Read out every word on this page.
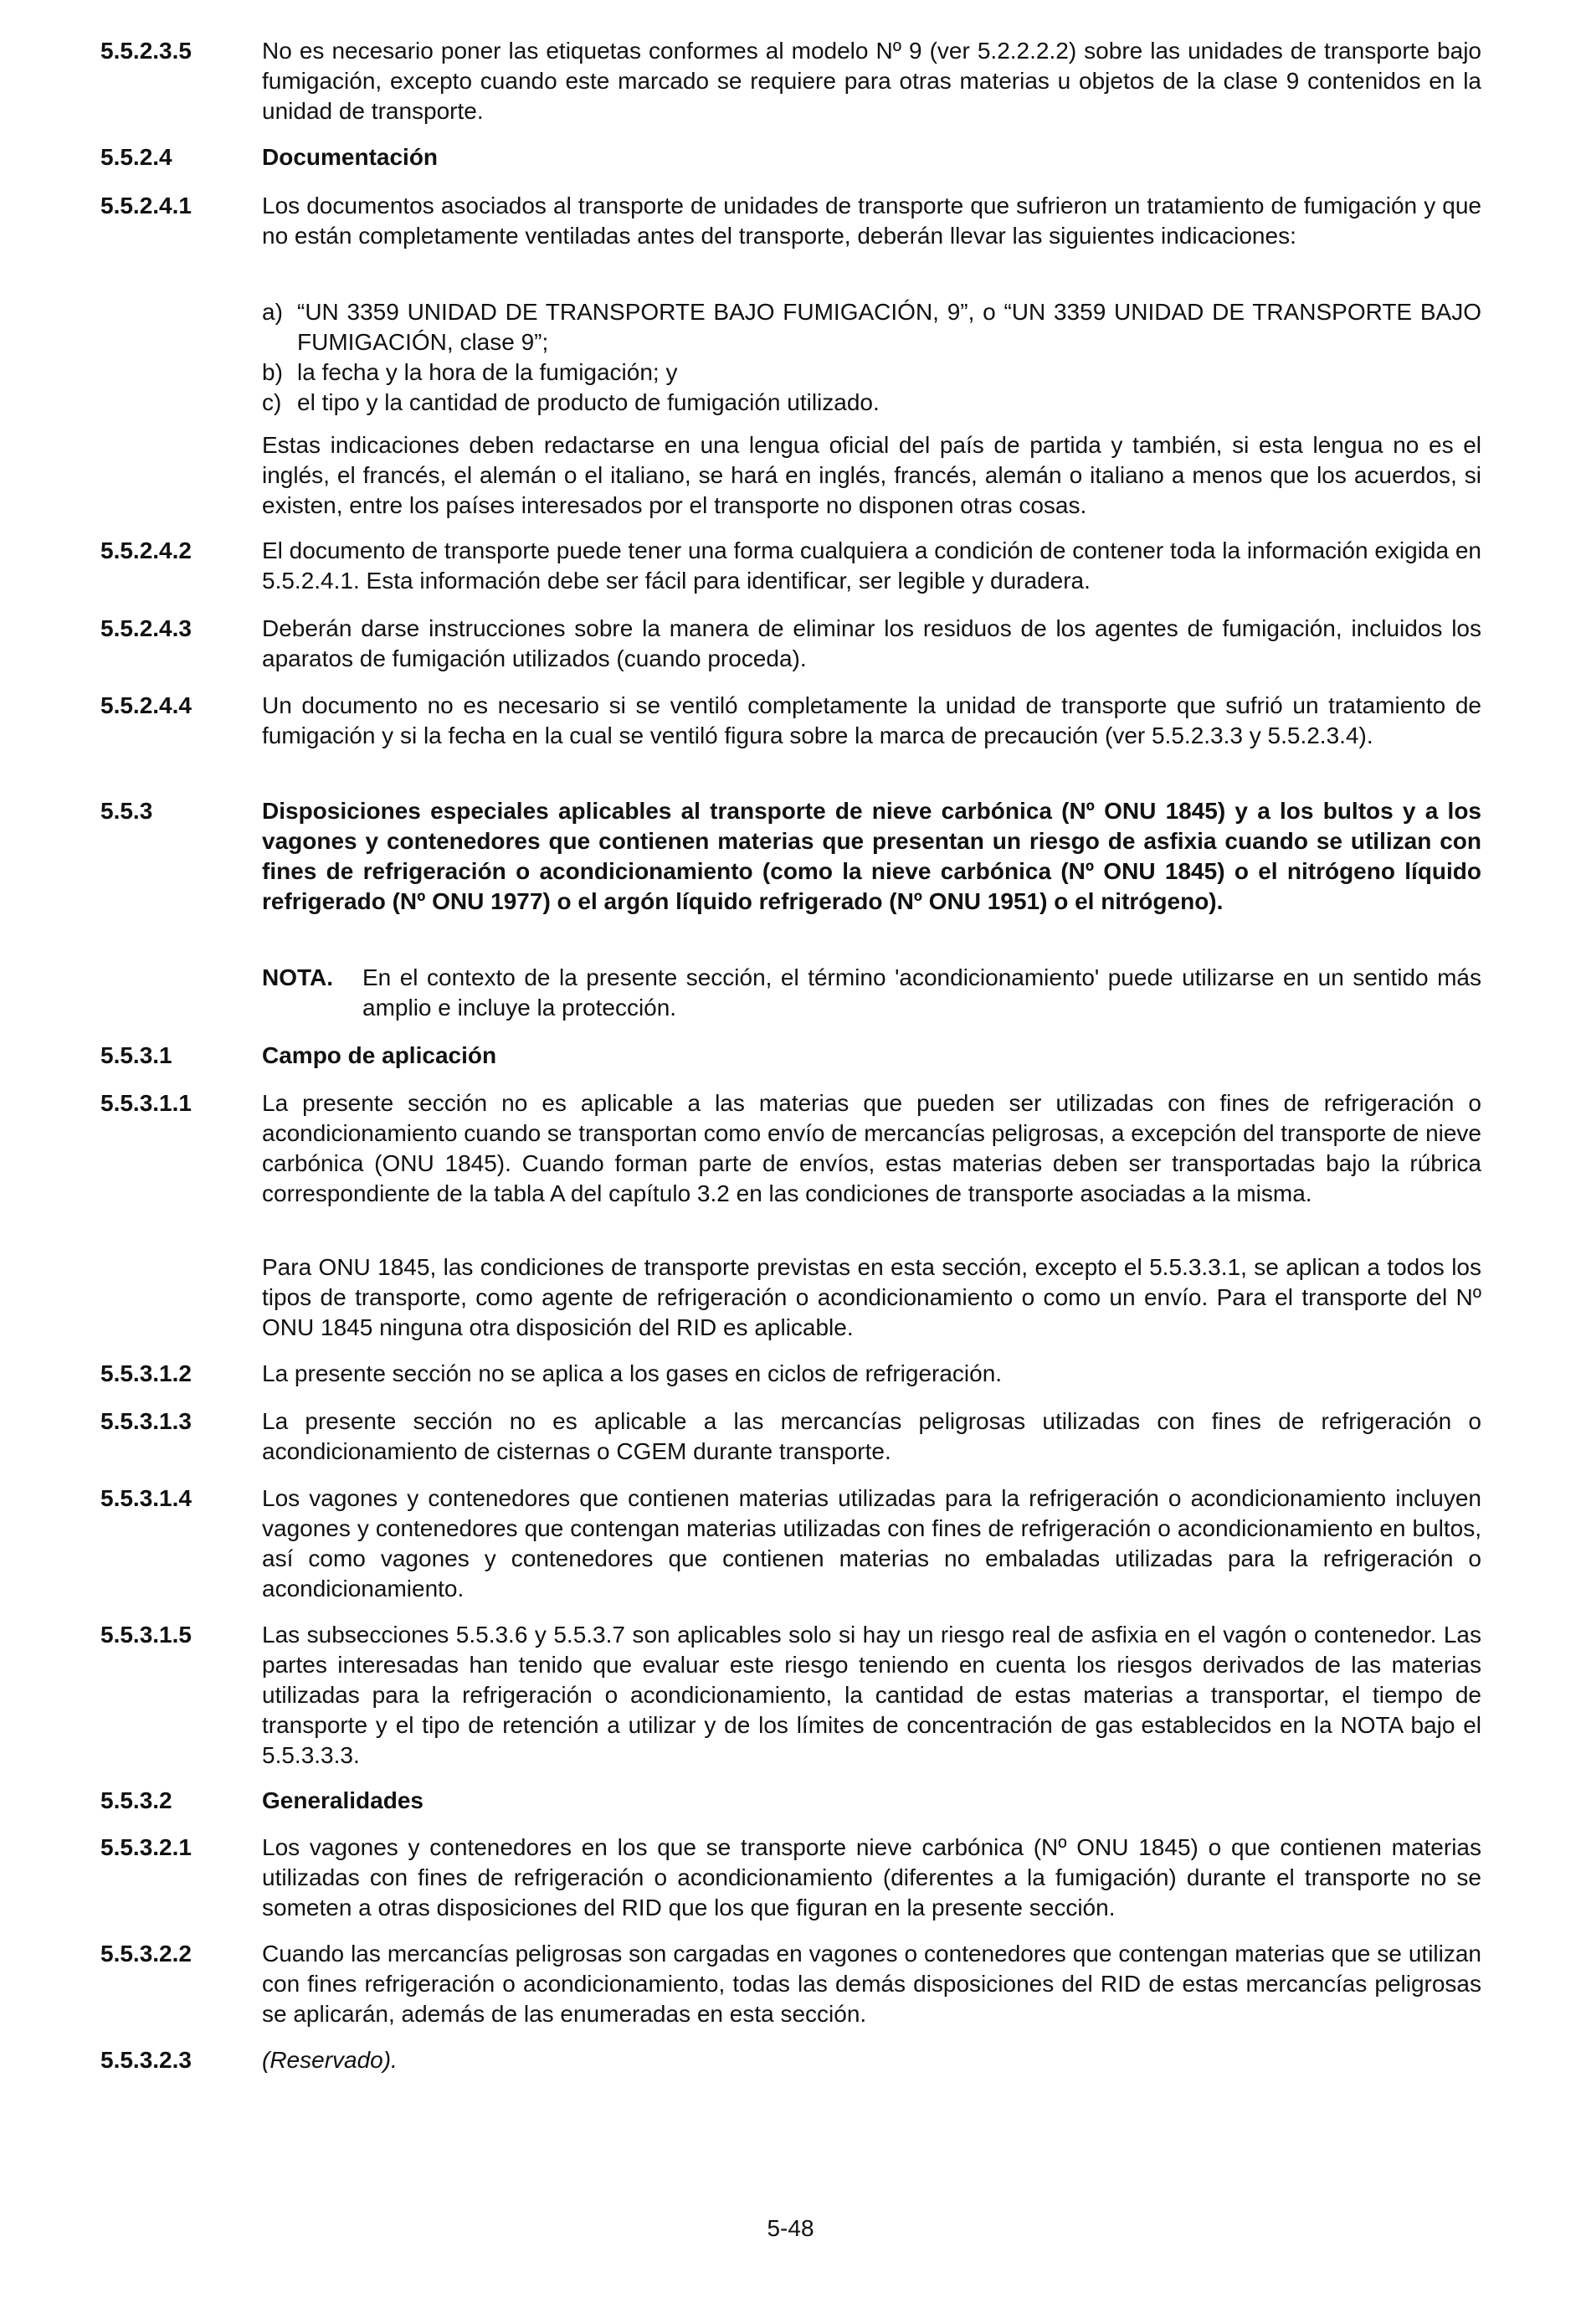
5.5.2.3.5	No es necesario poner las etiquetas conformes al modelo Nº 9 (ver 5.2.2.2.2) sobre las unidades de transporte bajo fumigación, excepto cuando este marcado se requiere para otras materias u objetos de la clase 9 contenidos en la unidad de transporte.
5.5.2.4	Documentación
5.5.2.4.1	Los documentos asociados al transporte de unidades de transporte que sufrieron un tratamiento de fumigación y que no están completamente ventiladas antes del transporte, deberán llevar las siguientes indicaciones:
a) “UN 3359 UNIDAD DE TRANSPORTE BAJO FUMIGACIÓN, 9”, o “UN 3359 UNIDAD DE TRANSPORTE BAJO FUMIGACIÓN, clase 9”;
b) la fecha y la hora de la fumigación; y
c) el tipo y la cantidad de producto de fumigación utilizado.
Estas indicaciones deben redactarse en una lengua oficial del país de partida y también, si esta lengua no es el inglés, el francés, el alemán o el italiano, se hará en inglés, francés, alemán o italiano a menos que los acuerdos, si existen, entre los países interesados por el transporte no disponen otras cosas.
5.5.2.4.2	El documento de transporte puede tener una forma cualquiera a condición de contener toda la información exigida en 5.5.2.4.1. Esta información debe ser fácil para identificar, ser legible y duradera.
5.5.2.4.3	Deberán darse instrucciones sobre la manera de eliminar los residuos de los agentes de fumigación, incluidos los aparatos de fumigación utilizados (cuando proceda).
5.5.2.4.4	Un documento no es necesario si se ventiló completamente la unidad de transporte que sufrió un tratamiento de fumigación y si la fecha en la cual se ventiló figura sobre la marca de precaución (ver 5.5.2.3.3 y 5.5.2.3.4).
5.5.3	Disposiciones especiales aplicables al transporte de nieve carbónica (Nº ONU 1845) y a los bultos y a los vagones y contenedores que contienen materias que presentan un riesgo de asfixia cuando se utilizan con fines de refrigeración o acondicionamiento (como la nieve carbónica (Nº ONU 1845) o el nitrógeno líquido refrigerado (Nº ONU 1977) o el argón líquido refrigerado (Nº ONU 1951) o el nitrógeno).
NOTA. En el contexto de la presente sección, el término 'acondicionamiento' puede utilizarse en un sentido más amplio e incluye la protección.
5.5.3.1	Campo de aplicación
5.5.3.1.1	La presente sección no es aplicable a las materias que pueden ser utilizadas con fines de refrigeración o acondicionamiento cuando se transportan como envío de mercancías peligrosas, a excepción del transporte de nieve carbónica (ONU 1845). Cuando forman parte de envíos, estas materias deben ser transportadas bajo la rúbrica correspondiente de la tabla A del capítulo 3.2 en las condiciones de transporte asociadas a la misma.
Para ONU 1845, las condiciones de transporte previstas en esta sección, excepto el 5.5.3.3.1, se aplican a todos los tipos de transporte, como agente de refrigeración o acondicionamiento o como un envío. Para el transporte del Nº ONU 1845 ninguna otra disposición del RID es aplicable.
5.5.3.1.2	La presente sección no se aplica a los gases en ciclos de refrigeración.
5.5.3.1.3	La presente sección no es aplicable a las mercancías peligrosas utilizadas con fines de refrigeración o acondicionamiento de cisternas o CGEM durante transporte.
5.5.3.1.4	Los vagones y contenedores que contienen materias utilizadas para la refrigeración o acondicionamiento incluyen vagones y contenedores que contengan materias utilizadas con fines de refrigeración o acondicionamiento en bultos, así como vagones y contenedores que contienen materias no embaladas utilizadas para la refrigeración o acondicionamiento.
5.5.3.1.5	Las subsecciones 5.5.3.6 y 5.5.3.7 son aplicables solo si hay un riesgo real de asfixia en el vagón o contenedor. Las partes interesadas han tenido que evaluar este riesgo teniendo en cuenta los riesgos derivados de las materias utilizadas para la refrigeración o acondicionamiento, la cantidad de estas materias a transportar, el tiempo de transporte y el tipo de retención a utilizar y de los límites de concentración de gas establecidos en la NOTA bajo el 5.5.3.3.3.
5.5.3.2	Generalidades
5.5.3.2.1	Los vagones y contenedores en los que se transporte nieve carbónica (Nº ONU 1845) o que contienen materias utilizadas con fines de refrigeración o acondicionamiento (diferentes a la fumigación) durante el transporte no se someten a otras disposiciones del RID que los que figuran en la presente sección.
5.5.3.2.2	Cuando las mercancías peligrosas son cargadas en vagones o contenedores que contengan materias que se utilizan con fines refrigeración o acondicionamiento, todas las demás disposiciones del RID de estas mercancías peligrosas se aplicarán, además de las enumeradas en esta sección.
5.5.3.2.3	(Reservado).
5-48
